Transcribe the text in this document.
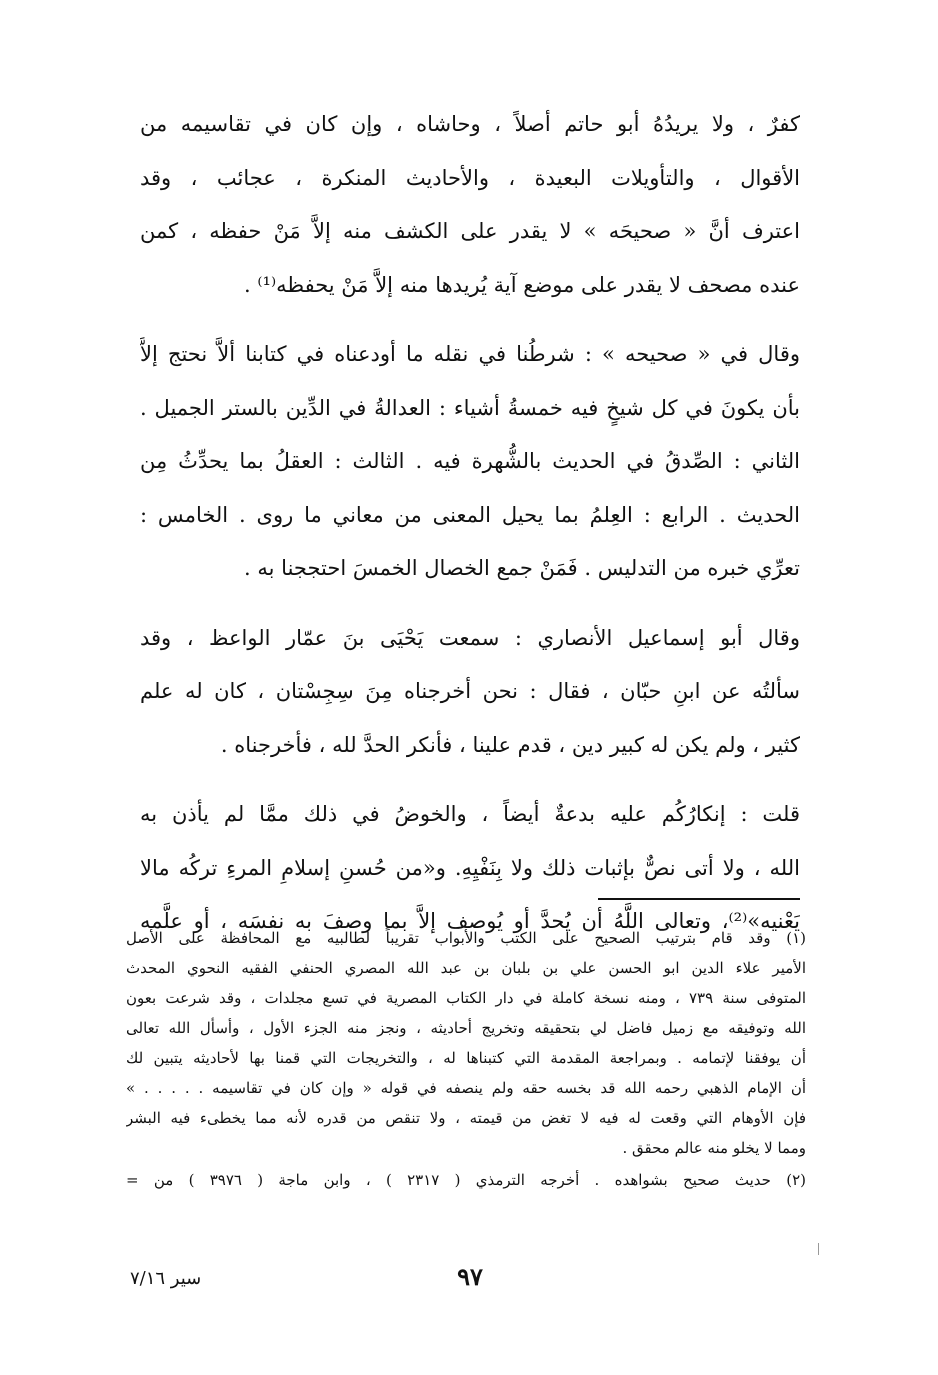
كفرٌ ، ولا يريدُهُ أبو حاتم أصلاً ، وحاشاه ، وإن كان في تقاسيمه من
الأقوال ، والتأويلات البعيدة ، والأحاديث المنكرة ، عجائب ، وقد
اعترف أنَّ « صحيحَه » لا يقدر على الكشف منه إلاَّ مَنْ حفظه ، كمن
عنده مصحف لا يقدر على موضع آية يُريدها منه إلاَّ مَنْ يحفظه⁽¹⁾ .

وقال في « صحيحه » : شرطُنا في نقله ما أودعناه في كتابنا ألاَّ نحتج إلاَّ
بأن يكونَ في كل شيخٍ فيه خمسةُ أشياء : العدالةُ في الدِّين بالستر الجميل .
الثاني : الصِّدقُ في الحديث بالشُّهرة فيه . الثالث : العقلُ بما يحدِّثُ مِن
الحديث . الرابع : العِلمُ بما يحيل المعنى من معاني ما روى . الخامس :
تعرِّي خبره من التدليس . فَمَنْ جمع الخصال الخمسَ احتججنا به .

وقال أبو إسماعيل الأنصاري : سمعت يَحْيَى بنَ عمّار الواعظ ، وقد
سألتُه عن ابنِ حبّان ، فقال : نحن أخرجناه مِنَ سِجِسْتان ، كان له علم
كثير ، ولم يكن له كبير دين ، قدم علينا ، فأنكر الحدَّ لله ، فأخرجناه .

قلت : إنكارُكُم عليه بدعةٌ أيضاً ، والخوضُ في ذلك ممَّا لم يأذن به
الله ، ولا أتى نصٌّ بإثبات ذلك ولا بِنَفْيِهِ. و«من حُسنِ إسلامِ المرءِ تركُه مالا
يَعْنيه»⁽²⁾، وتعالى اللَّهُ أن يُحدَّ أو يُوصف إلاَّ بما وصفَ به نفسَه ، أو علَّمه

(١) وقد قام بترتيب الصحيح على الكتب والأبواب تقريباً لطالبيه مع المحافظة على الأصل
الأمير علاء الدين ابو الحسن علي بن بلبان بن عبد الله المصري الحنفي الفقيه النحوي المحدث
المتوفى سنة ٧٣٩ ، ومنه نسخة كاملة في دار الكتاب المصرية في تسع مجلدات ، وقد شرعت بعون
الله وتوفيقه مع زميل فاضل لي بتحقيقه وتخريج أحاديثه ، ونجز منه الجزء الأول ، وأسأل الله تعالى
أن يوفقنا لإتمامه . وبمراجعة المقدمة التي كتبناها له ، والتخريجات التي قمنا بها لأحاديثه يتبين لك
أن الإمام الذهبي رحمه الله قد بخسه حقه ولم ينصفه في قوله « وإن كان في تقاسيمه . . . . . »
فإن الأوهام التي وقعت له فيه لا تغض من قيمته ، ولا تنقص من قدره لأنه مما يخطىء فيه البشر
ومما لا يخلو منه عالم محقق .
(٢) حديث صحيح بشواهده . أخرجه الترمذي ( ٢٣١٧ ) ، وابن ماجة ( ٣٩٧٦ ) من =
٩٧
سير ٧/١٦
